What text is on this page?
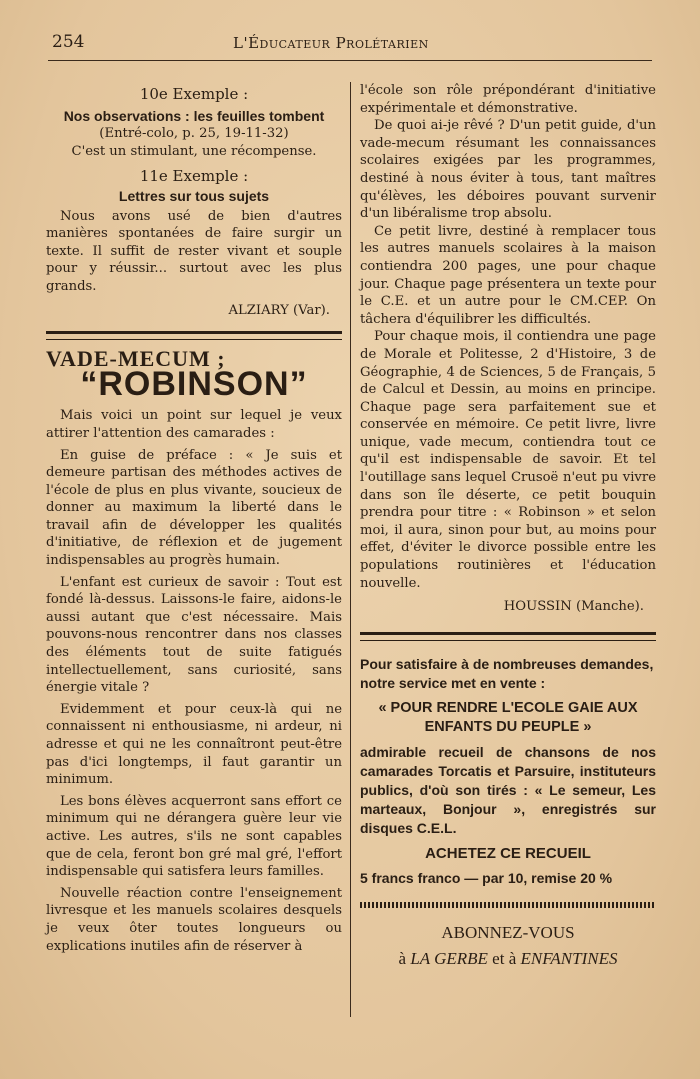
254	L'Éducateur Prolétarien
10e Exemple :
Nos observations : les feuilles tombent

(Entré-colo, p. 25, 19-11-32)

C'est un stimulant, une récompense.

11e Exemple :
Lettres sur tous sujets

Nous avons usé de bien d'autres manières spontanées de faire surgir un texte. Il suffit de rester vivant et souple pour y réussir... surtout avec les plus grands.

ALZIARY (Var).

VADE-MECUM ;
“ROBINSON”

Mais voici un point sur lequel je veux attirer l'attention des camarades :

En guise de préface : « Je suis et demeure partisan des méthodes actives de l'école de plus en plus vivante, soucieux de donner au maximum la liberté dans le travail afin de développer les qualités d'initiative, de réflexion et de jugement indispensables au progrès humain.

L'enfant est curieux de savoir : Tout est fondé là-dessus. Laissons-le faire, aidons-le aussi autant que c'est nécessaire. Mais pouvons-nous rencontrer dans nos classes des éléments tout de suite fatigués intellectuellement, sans curiosité, sans énergie vitale ?

Evidemment et pour ceux-là qui ne connaissent ni enthousiasme, ni ardeur, ni adresse et qui ne les connaîtront peut-être pas d'ici longtemps, il faut garantir un minimum.

Les bons élèves acquerront sans effort ce minimum qui ne dérangera guère leur vie active. Les autres, s'ils ne sont capables que de cela, feront bon gré mal gré, l'effort indispensable qui satisfera leurs familles.

Nouvelle réaction contre l'enseignement livresque et les manuels scolaires desquels je veux ôter toutes longueurs ou explications inutiles afin de réserver à

l'école son rôle prépondérant d'initiative expérimentale et démonstrative.

De quoi ai-je rêvé ? D'un petit guide, d'un vade-mecum résumant les connaissances scolaires exigées par les programmes, destiné à nous éviter à tous, tant maîtres qu'élèves, les déboires pouvant survenir d'un libéralisme trop absolu.

Ce petit livre, destiné à remplacer tous les autres manuels scolaires à la maison contiendra 200 pages, une pour chaque jour. Chaque page présentera un texte pour le C.E. et un autre pour le CM.CEP. On tâchera d'équilibrer les difficultés.

Pour chaque mois, il contiendra une page de Morale et Politesse, 2 d'Histoire, 3 de Géographie, 4 de Sciences, 5 de Français, 5 de Calcul et Dessin, au moins en principe. Chaque page sera parfaitement sue et conservée en mémoire. Ce petit livre, livre unique, vade mecum, contiendra tout ce qu'il est indispensable de savoir. Et tel l'outillage sans lequel Crusoë n'eut pu vivre dans son île déserte, ce petit bouquin prendra pour titre : « Robinson » et selon moi, il aura, sinon pour but, au moins pour effet, d'éviter le divorce possible entre les populations routinières et l'éducation nouvelle.

HOUSSIN (Manche).

Pour satisfaire à de nombreuses demandes, notre service met en vente :

« POUR RENDRE L'ECOLE GAIE AUX ENFANTS DU PEUPLE »

admirable recueil de chansons de nos camarades Torcatis et Parsuire, instituteurs publics, d'où son tirés : « Le semeur, Les marteaux, Bonjour », enregistrés sur disques C.E.L.

ACHETEZ CE RECUEIL

5 francs franco — par 10, remise 20 %

ABONNEZ-VOUS
à LA GERBE et à ENFANTINES
